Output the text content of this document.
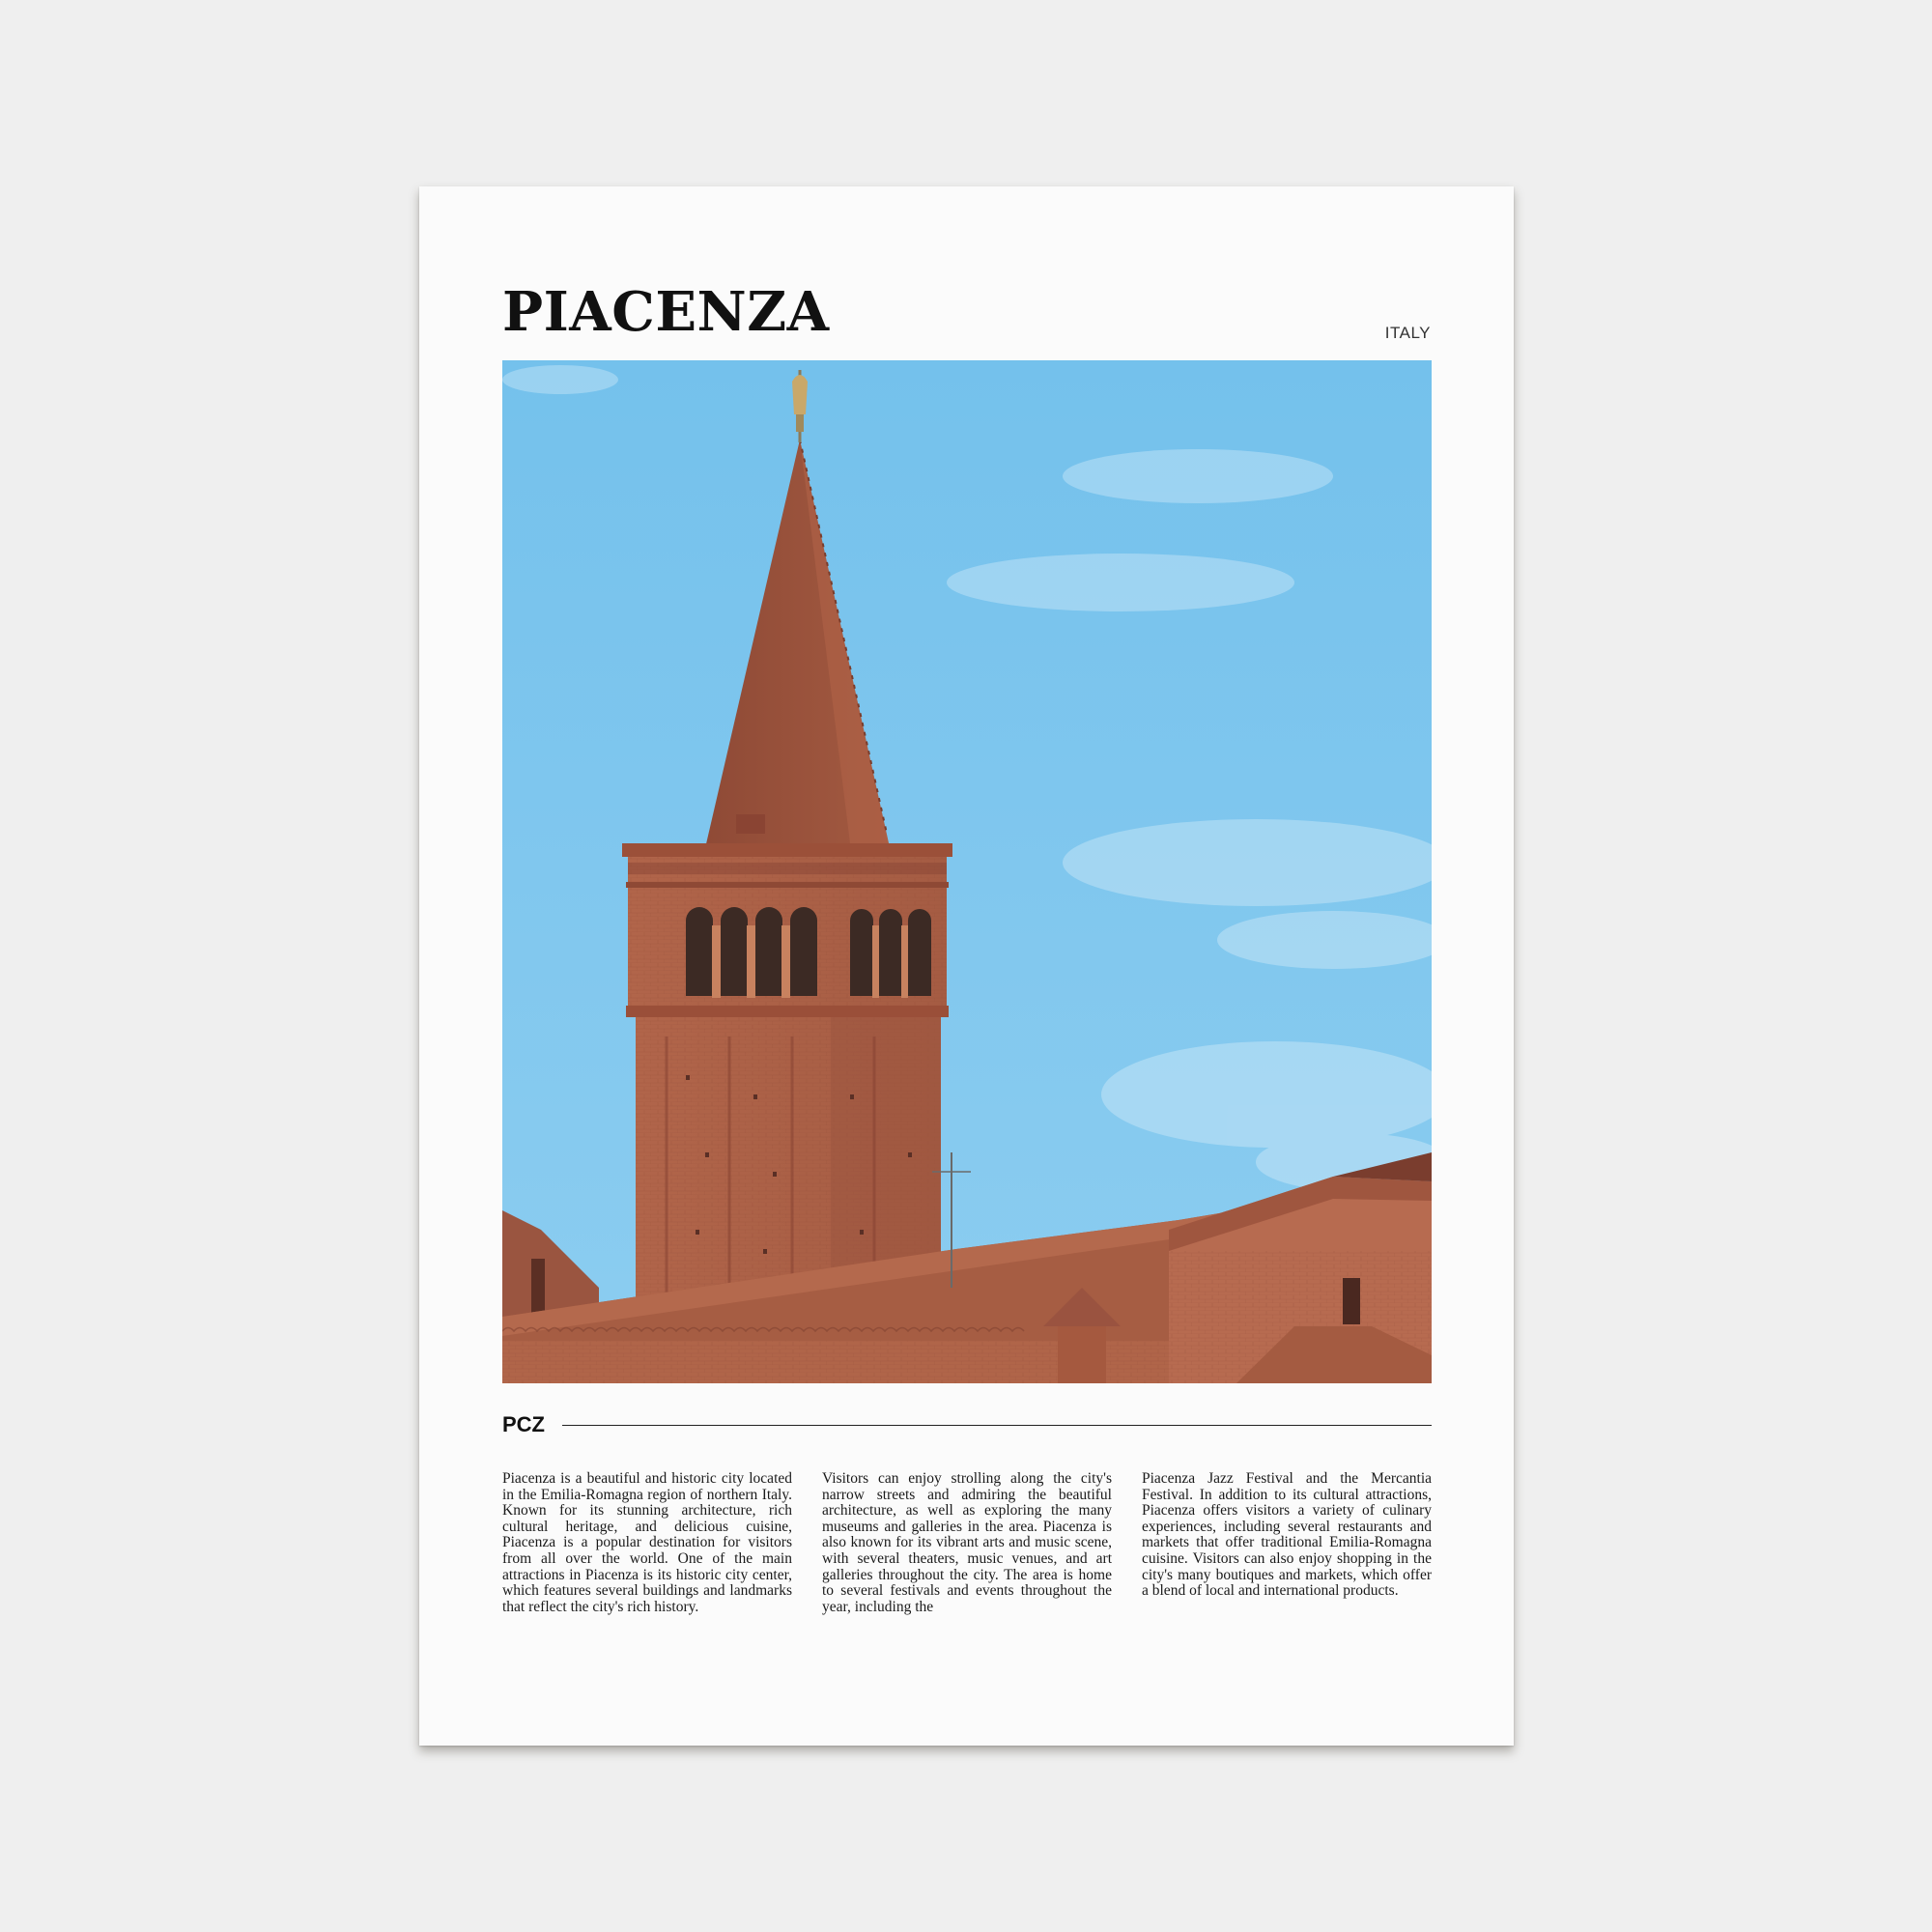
PIACENZA	ITALY
PCZ
Piacenza is a beautiful and historic city located in the Emilia-Romagna region of northern Italy. Known for its stunning architecture, rich cultural heritage, and delicious cuisine, Piacenza is a popular destination for visitors from all over the world. One of the main attractions in Piacenza is its historic city center, which features several buildings and landmarks that reflect the city's rich history.
Visitors can enjoy strolling along the city's narrow streets and admiring the beautiful architecture, as well as exploring the many museums and galleries in the area. Piacenza is also known for its vibrant arts and music scene, with several theaters, music venues, and art galleries throughout the city. The area is home to several festivals and events throughout the year, including the
Piacenza Jazz Festival and the Mercantia Festival. In addition to its cultural attractions, Piacenza offers visitors a variety of culinary experiences, including several restaurants and markets that offer traditional Emilia-Romagna cuisine. Visitors can also enjoy shopping in the city's many boutiques and markets, which offer a blend of local and international products.
